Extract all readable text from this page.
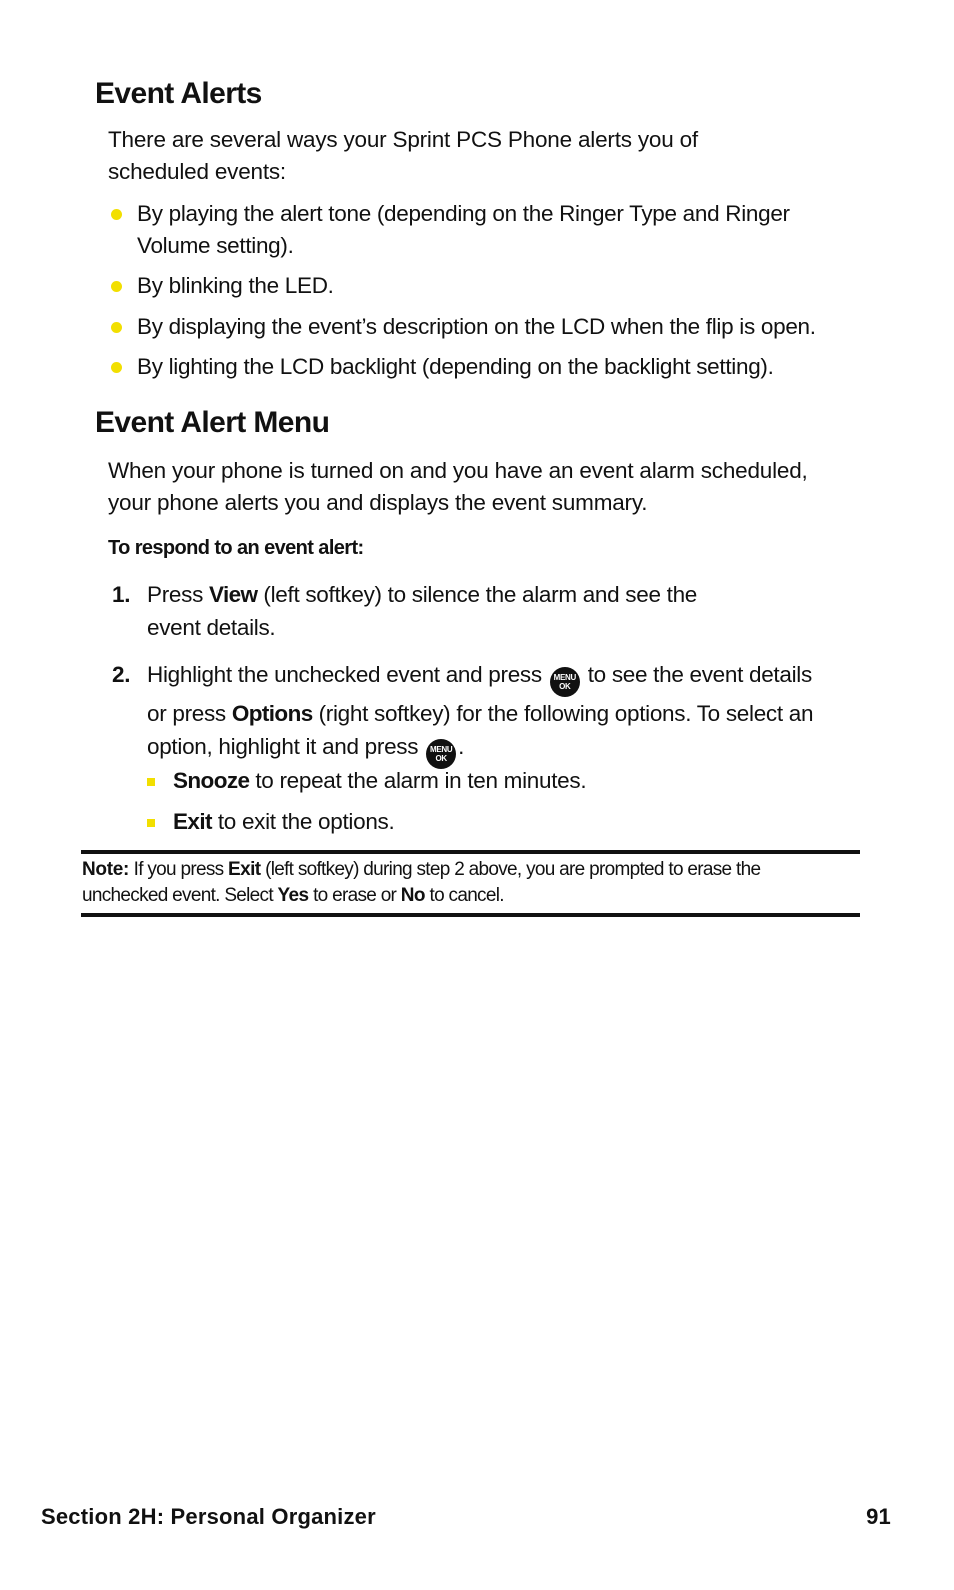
Event Alerts

There are several ways your Sprint PCS Phone alerts you of
scheduled events:

By playing the alert tone (depending on the Ringer Type and Ringer
Volume setting).

By blinking the LED.

By displaying the event’s description on the LCD when the flip is open.

By lighting the LCD backlight (depending on the backlight setting).

Event Alert Menu

When your phone is turned on and you have an event alarm scheduled,
your phone alerts you and displays the event summary.

To respond to an event alert:

1. Press View (left softkey) to silence the alarm and see the
event details.

2. Highlight the unchecked event and press MENU
OK to see the event details
or press Options (right softkey) for the following options. To select an
option, highlight it and press MENU
OK .

Snooze to repeat the alarm in ten minutes.

Exit to exit the options.

Note: If you press Exit (left softkey) during step 2 above, you are prompted to erase the
unchecked event. Select Yes to erase or No to cancel.

Section 2H: Personal Organizer	91
